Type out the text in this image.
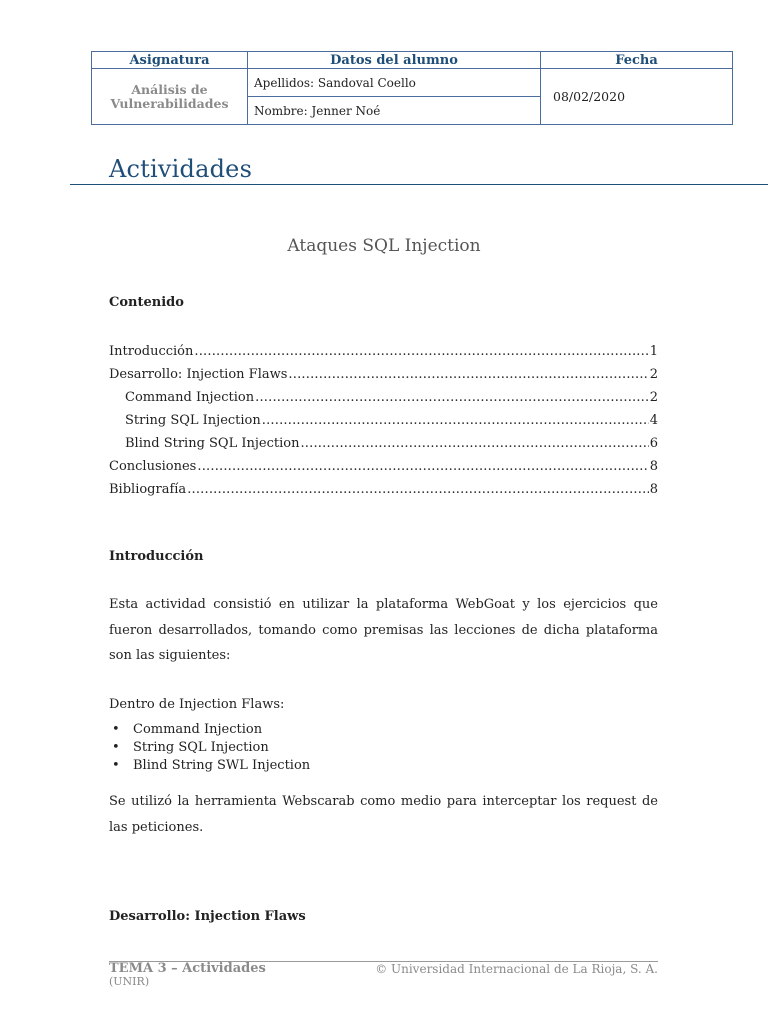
Asignatura	Datos del alumno	Fecha
Análisis de Vulnerabilidades	Apellidos: Sandoval Coello	08/02/2020
	Nombre: Jenner Noé	
Actividades
Ataques SQL Injection
Contenido
Introducción .....	1
Desarrollo: Injection Flaws .....	2
Command Injection .....	2
String SQL Injection .....	4
Blind String SQL Injection .....	6
Conclusiones .....	8
Bibliografía .....	8
Introducción
Esta actividad consistió en utilizar la plataforma WebGoat y los ejercicios que fueron desarrollados, tomando como premisas las lecciones de dicha plataforma son las siguientes:
Dentro de Injection Flaws:
• Command Injection
• String SQL Injection
• Blind String SWL Injection
Se utilizó la herramienta Webscarab como medio para interceptar los request de las peticiones.
Desarrollo: Injection Flaws
TEMA 3 – Actividades
(UNIR)
© Universidad Internacional de La Rioja, S. A.
